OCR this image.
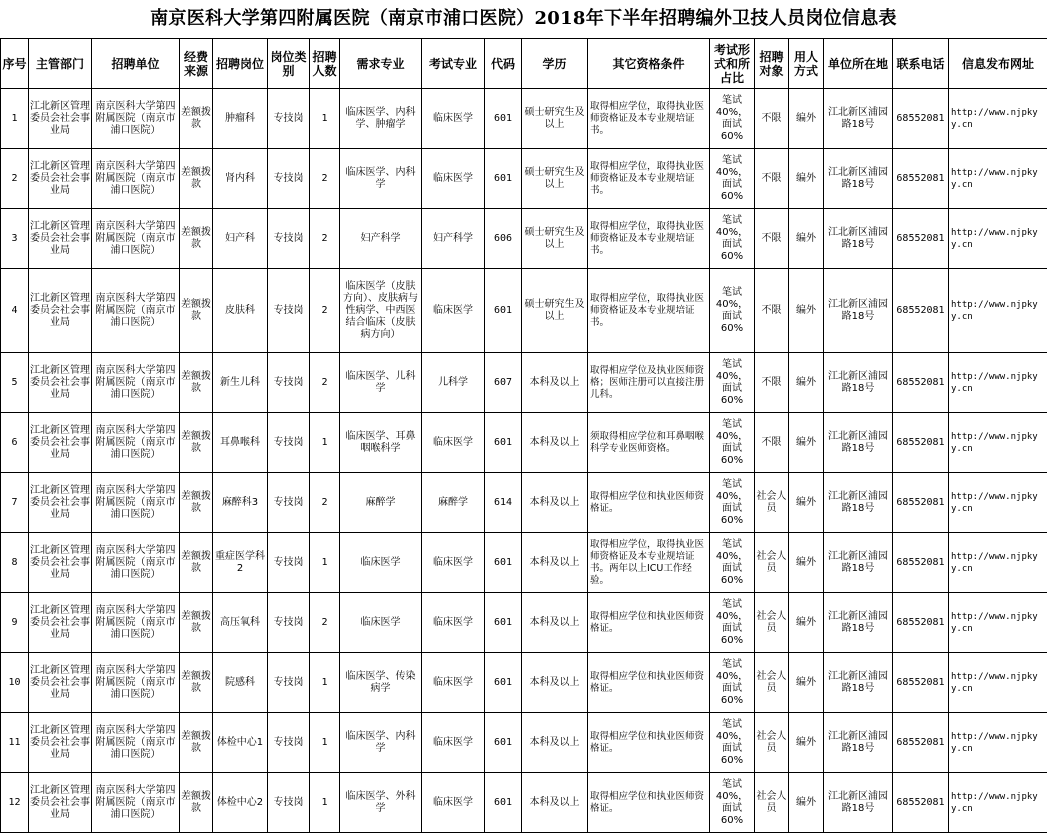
南京医科大学第四附属医院（南京市浦口医院）2018年下半年招聘编外卫技人员岗位信息表
序号	主管部门	招聘单位	经费来源	招聘岗位	岗位类别	招聘人数	需求专业	考试专业	代码	学历	其它资格条件	考试形式和所占比	招聘对象	用人方式	单位所在地	联系电话	信息发布网址
1	江北新区管理委员会社会事业局	南京医科大学第四附属医院（南京市浦口医院）	差额拨款	肿瘤科	专技岗	1	临床医学、内科学、肿瘤学	临床医学	601	硕士研究生及以上	取得相应学位，取得执业医师资格证及本专业规培证书。	笔试40%，面试60%	不限	编外	江北新区浦园路18号	68552081	http://www.njpkyy.cn
2	江北新区管理委员会社会事业局	南京医科大学第四附属医院（南京市浦口医院）	差额拨款	肾内科	专技岗	2	临床医学、内科学	临床医学	601	硕士研究生及以上	取得相应学位，取得执业医师资格证及本专业规培证书。	笔试40%，面试60%	不限	编外	江北新区浦园路18号	68552081	http://www.njpkyy.cn
3	江北新区管理委员会社会事业局	南京医科大学第四附属医院（南京市浦口医院）	差额拨款	妇产科	专技岗	2	妇产科学	妇产科学	606	硕士研究生及以上	取得相应学位，取得执业医师资格证及本专业规培证书。	笔试40%，面试60%	不限	编外	江北新区浦园路18号	68552081	http://www.njpkyy.cn
4	江北新区管理委员会社会事业局	南京医科大学第四附属医院（南京市浦口医院）	差额拨款	皮肤科	专技岗	2	临床医学（皮肤方向）、皮肤病与性病学、中西医结合临床（皮肤病方向）	临床医学	601	硕士研究生及以上	取得相应学位，取得执业医师资格证及本专业规培证书。	笔试40%，面试60%	不限	编外	江北新区浦园路18号	68552081	http://www.njpkyy.cn
5	江北新区管理委员会社会事业局	南京医科大学第四附属医院（南京市浦口医院）	差额拨款	新生儿科	专技岗	2	临床医学、儿科学	儿科学	607	本科及以上	取得相应学位及执业医师资格；医师注册可以直接注册儿科。	笔试40%，面试60%	不限	编外	江北新区浦园路18号	68552081	http://www.njpkyy.cn
6	江北新区管理委员会社会事业局	南京医科大学第四附属医院（南京市浦口医院）	差额拨款	耳鼻喉科	专技岗	1	临床医学、耳鼻咽喉科学	临床医学	601	本科及以上	须取得相应学位和耳鼻咽喉科学专业医师资格。	笔试40%，面试60%	不限	编外	江北新区浦园路18号	68552081	http://www.njpkyy.cn
7	江北新区管理委员会社会事业局	南京医科大学第四附属医院（南京市浦口医院）	差额拨款	麻醉科3	专技岗	2	麻醉学	麻醉学	614	本科及以上	取得相应学位和执业医师资格证。	笔试40%，面试60%	社会人员	编外	江北新区浦园路18号	68552081	http://www.njpkyy.cn
8	江北新区管理委员会社会事业局	南京医科大学第四附属医院（南京市浦口医院）	差额拨款	重症医学科2	专技岗	1	临床医学	临床医学	601	本科及以上	取得相应学位，取得执业医师资格证及本专业规培证书。两年以上ICU工作经验。	笔试40%，面试60%	社会人员	编外	江北新区浦园路18号	68552081	http://www.njpkyy.cn
9	江北新区管理委员会社会事业局	南京医科大学第四附属医院（南京市浦口医院）	差额拨款	高压氧科	专技岗	2	临床医学	临床医学	601	本科及以上	取得相应学位和执业医师资格证。	笔试40%，面试60%	社会人员	编外	江北新区浦园路18号	68552081	http://www.njpkyy.cn
10	江北新区管理委员会社会事业局	南京医科大学第四附属医院（南京市浦口医院）	差额拨款	院感科	专技岗	1	临床医学、传染病学	临床医学	601	本科及以上	取得相应学位和执业医师资格证。	笔试40%，面试60%	社会人员	编外	江北新区浦园路18号	68552081	http://www.njpkyy.cn
11	江北新区管理委员会社会事业局	南京医科大学第四附属医院（南京市浦口医院）	差额拨款	体检中心1	专技岗	1	临床医学、内科学	临床医学	601	本科及以上	取得相应学位和执业医师资格证。	笔试40%，面试60%	社会人员	编外	江北新区浦园路18号	68552081	http://www.njpkyy.cn
12	江北新区管理委员会社会事业局	南京医科大学第四附属医院（南京市浦口医院）	差额拨款	体检中心2	专技岗	1	临床医学、外科学	临床医学	601	本科及以上	取得相应学位和执业医师资格证。	笔试40%，面试60%	社会人员	编外	江北新区浦园路18号	68552081	http://www.njpkyy.cn
